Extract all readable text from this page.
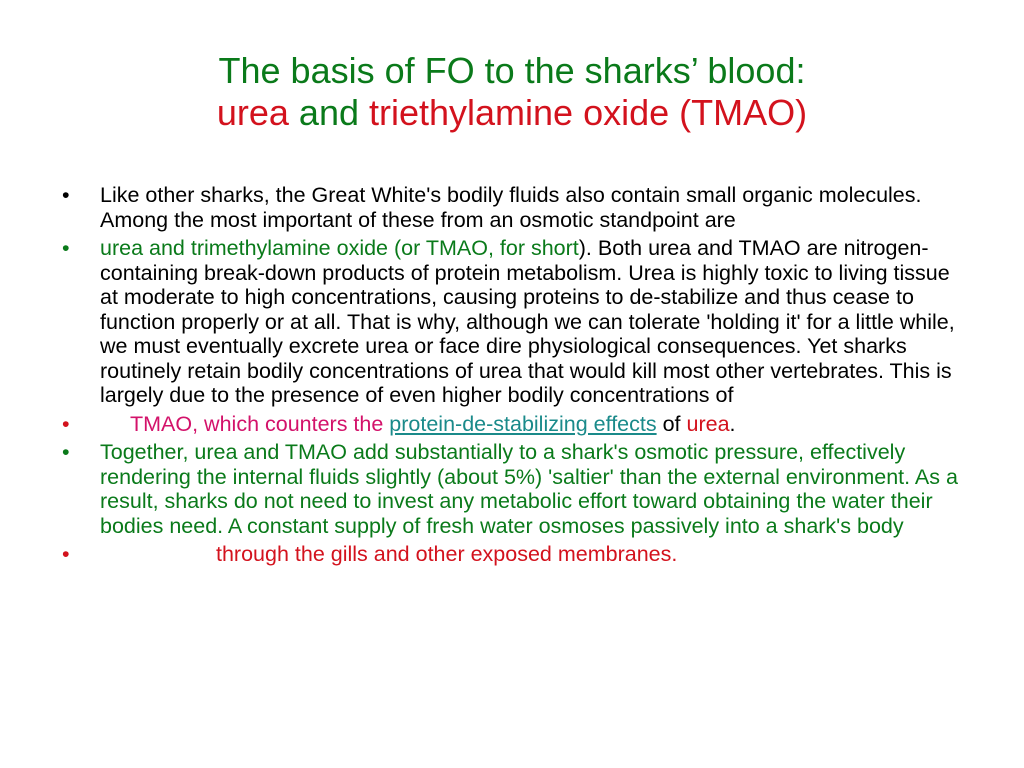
The basis of FO to the sharks’ blood:
urea and triethylamine oxide (TMAO)
•	Like other sharks, the Great White's bodily fluids also contain small organic molecules. Among the most important of these from an osmotic standpoint are
•	urea and trimethylamine oxide (or TMAO, for short). Both urea and TMAO are nitrogen-containing break-down products of protein metabolism. Urea is highly toxic to living tissue at moderate to high concentrations, causing proteins to de-stabilize and thus cease to function properly or at all. That is why, although we can tolerate 'holding it' for a little while, we must eventually excrete urea or face dire physiological consequences. Yet sharks routinely retain bodily concentrations of urea that would kill most other vertebrates. This is largely due to the presence of even higher bodily concentrations of
•	TMAO, which counters the protein-de-stabilizing effects of urea.
•	Together, urea and TMAO add substantially to a shark's osmotic pressure, effectively rendering the internal fluids slightly (about 5%) 'saltier' than the external environment. As a result, sharks do not need to invest any metabolic effort toward obtaining the water their bodies need. A constant supply of fresh water osmoses passively into a shark's body
•	through the gills and other exposed membranes.
